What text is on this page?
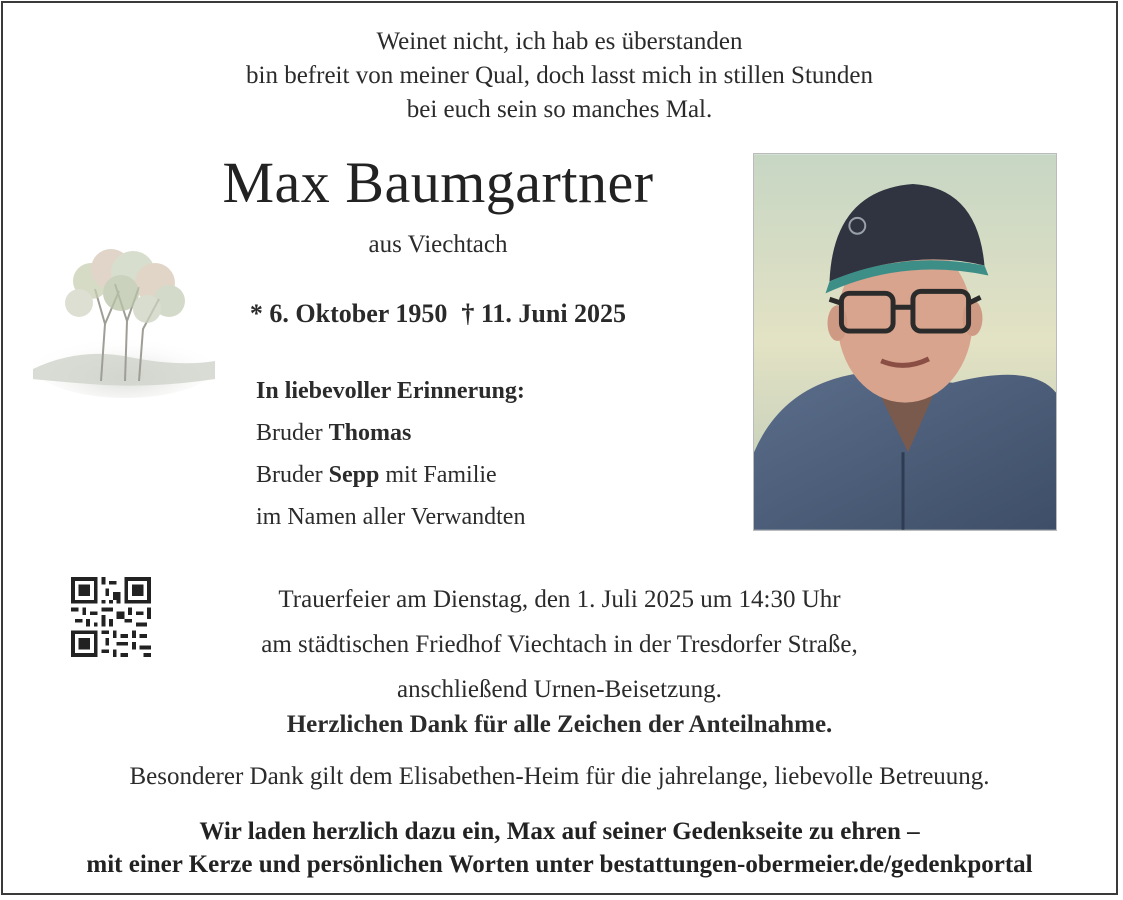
Weinet nicht, ich hab es überstanden
bin befreit von meiner Qual, doch lasst mich in stillen Stunden
bei euch sein so manches Mal.
Max Baumgartner
aus Viechtach
* 6. Oktober 1950 † 11. Juni 2025
In liebevoller Erinnerung:
Bruder Thomas
Bruder Sepp mit Familie
im Namen aller Verwandten
Trauerfeier am Dienstag, den 1. Juli 2025 um 14:30 Uhr
am städtischen Friedhof Viechtach in der Tresdorfer Straße,
anschließend Urnen-Beisetzung.
Herzlichen Dank für alle Zeichen der Anteilnahme.
Besonderer Dank gilt dem Elisabethen-Heim für die jahrelange, liebevolle Betreuung.
Wir laden herzlich dazu ein, Max auf seiner Gedenkseite zu ehren –
mit einer Kerze und persönlichen Worten unter bestattungen-obermeier.de/gedenkportal
